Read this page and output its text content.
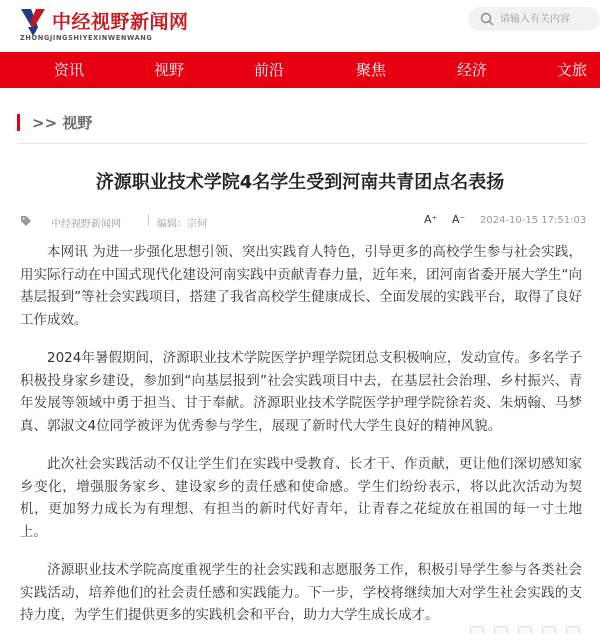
中经视野新闻网
ZHONGJINGSHIYEXINWENWANG
请输入有关内容
资讯	视野	前沿	聚焦	经济	文旅
>> 视野
济源职业技术学院4名学生受到河南共青团点名表扬
中经视野新闻网	编辑：宗何	A⁺ A⁻ 2024-10-15 17:51:03

本网讯 为进一步强化思想引领、突出实践育人特色，引导更多的高校学生参与社会实践，用实际行动在中国式现代化建设河南实践中贡献青春力量，近年来，团河南省委开展大学生“向基层报到”等社会实践项目，搭建了我省高校学生健康成长、全面发展的实践平台，取得了良好工作成效。

2024年暑假期间，济源职业技术学院医学护理学院团总支积极响应，发动宣传。多名学子积极投身家乡建设，参加到“向基层报到”社会实践项目中去，在基层社会治理、乡村振兴、青年发展等领域中勇于担当、甘于奉献。济源职业技术学院医学护理学院徐若炎、朱炳翰、马梦真、郭淑文4位同学被评为优秀参与学生，展现了新时代大学生良好的精神风貌。

此次社会实践活动不仅让学生们在实践中受教育、长才干、作贡献，更让他们深切感知家乡变化，增强服务家乡、建设家乡的责任感和使命感。学生们纷纷表示，将以此次活动为契机，更加努力成长为有理想、有担当的新时代好青年，让青春之花绽放在祖国的每一寸土地上。

济源职业技术学院高度重视学生的社会实践和志愿服务工作，积极引导学生参与各类社会实践活动，培养他们的社会责任感和实践能力。下一步，学校将继续加大对学生社会实践的支持力度，为学生们提供更多的实践机会和平台，助力大学生成长成才。
